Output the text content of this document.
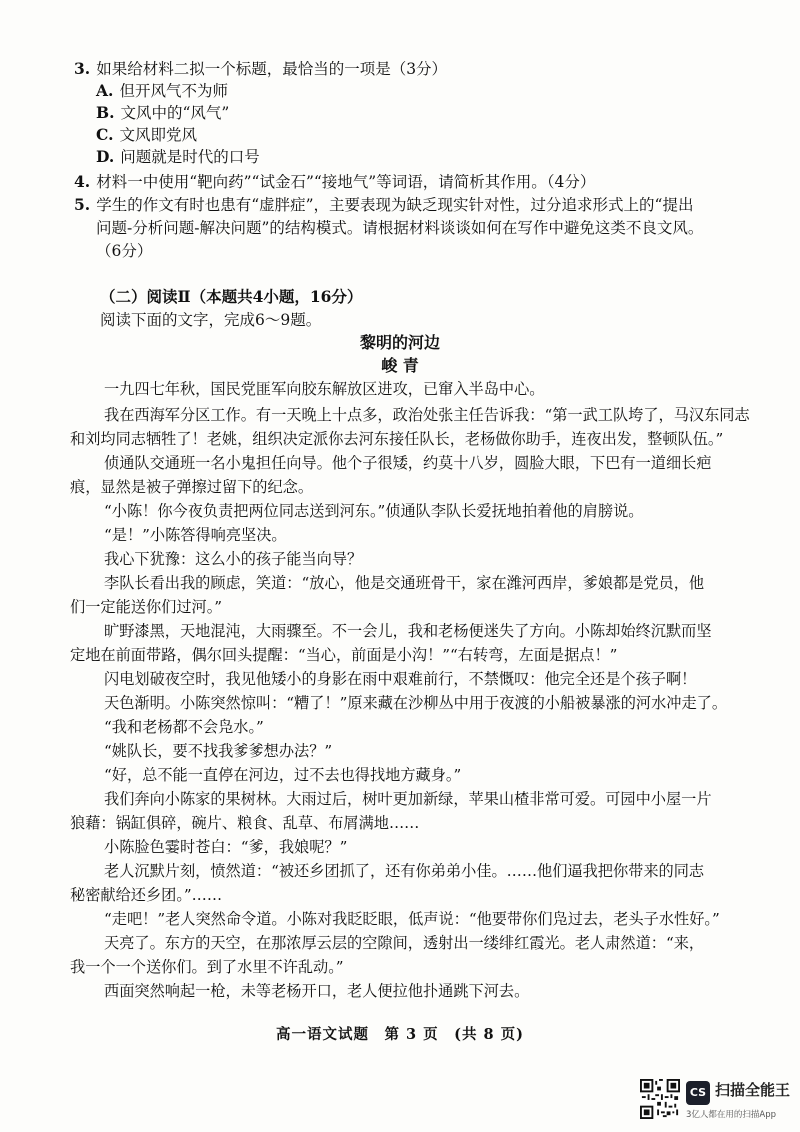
3. 如果给材料二拟一个标题，最恰当的一项是（3分）
A. 但开风气不为师
B. 文风中的“风气”
C. 文风即党风
D. 问题就是时代的口号
4. 材料一中使用“靶向药”“试金石”“接地气”等词语，请简析其作用。（4分）
5. 学生的作文有时也患有“虚胖症”，主要表现为缺乏现实针对性，过分追求形式上的“提出
问题-分析问题-解决问题”的结构模式。请根据材料谈谈如何在写作中避免这类不良文风。
（6分）
（二）阅读Ⅱ（本题共4小题，16分）
阅读下面的文字，完成6～9题。
黎明的河边
峻 青
一九四七年秋，国民党匪军向胶东解放区进攻，已窜入半岛中心。
我在西海军分区工作。有一天晚上十点多，政治处张主任告诉我：“第一武工队垮了，马汉东同志
和刘均同志牺牲了！老姚，组织决定派你去河东接任队长，老杨做你助手，连夜出发，整顿队伍。”
侦通队交通班一名小鬼担任向导。他个子很矮，约莫十八岁，圆脸大眼，下巴有一道细长疤
痕，显然是被子弹擦过留下的纪念。
“小陈！你今夜负责把两位同志送到河东。”侦通队李队长爱抚地拍着他的肩膀说。
“是！”小陈答得响亮坚决。
我心下犹豫：这么小的孩子能当向导？
李队长看出我的顾虑，笑道：“放心，他是交通班骨干，家在潍河西岸，爹娘都是党员，他
们一定能送你们过河。”
旷野漆黑，天地混沌，大雨骤至。不一会儿，我和老杨便迷失了方向。小陈却始终沉默而坚
定地在前面带路，偶尔回头提醒：“当心，前面是小沟！”“右转弯，左面是据点！”
闪电划破夜空时，我见他矮小的身影在雨中艰难前行，不禁慨叹：他完全还是个孩子啊！
天色渐明。小陈突然惊叫：“糟了！”原来藏在沙柳丛中用于夜渡的小船被暴涨的河水冲走了。
“我和老杨都不会凫水。”
“姚队长，要不找我爹爹想办法？”
“好，总不能一直停在河边，过不去也得找地方藏身。”
我们奔向小陈家的果树林。大雨过后，树叶更加新绿，苹果山楂非常可爱。可园中小屋一片
狼藉：锅缸俱碎，碗片、粮食、乱草、布屑满地……
小陈脸色霎时苍白：“爹，我娘呢？”
老人沉默片刻，愤然道：“被还乡团抓了，还有你弟弟小佳。……他们逼我把你带来的同志
秘密献给还乡团。”……
“走吧！”老人突然命令道。小陈对我眨眨眼，低声说：“他要带你们凫过去，老头子水性好。”
天亮了。东方的天空，在那浓厚云层的空隙间，透射出一缕绯红霞光。老人肃然道：“来，
我一个一个送你们。到了水里不许乱动。”
西面突然响起一枪，未等老杨开口，老人便拉他扑通跳下河去。
高一语文试题　第 3 页　(共 8 页)
CS 扫描全能王
3亿人都在用的扫描App
